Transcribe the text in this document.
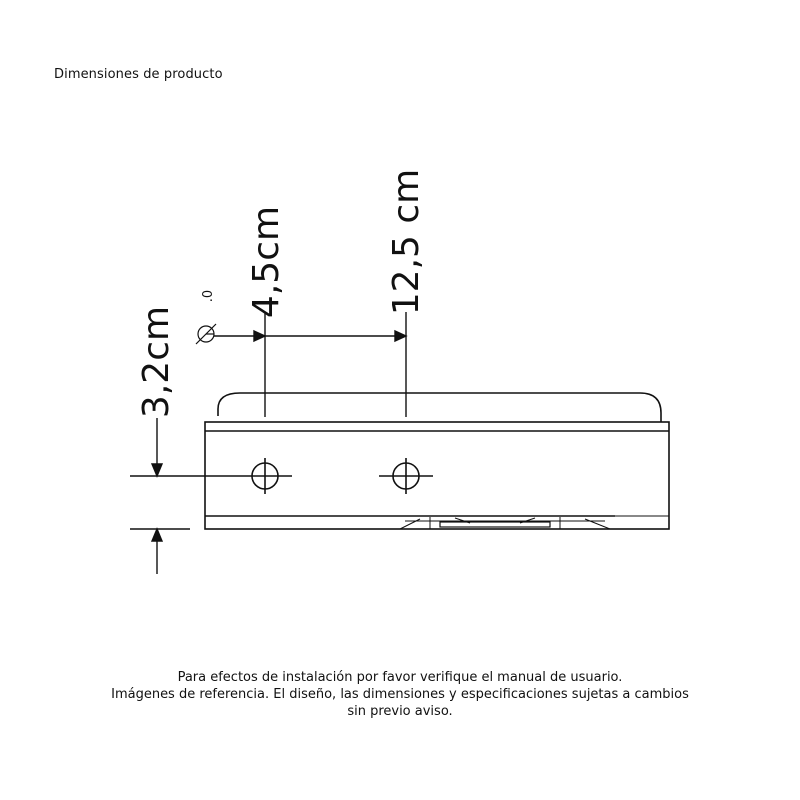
Dimensiones de producto
3,2cm
4,5cm	12,5 cm
.0
Para efectos de instalación por favor verifique el manual de usuario.
Imágenes de referencia. El diseño, las dimensiones y especificaciones sujetas a cambios
sin previo aviso.
